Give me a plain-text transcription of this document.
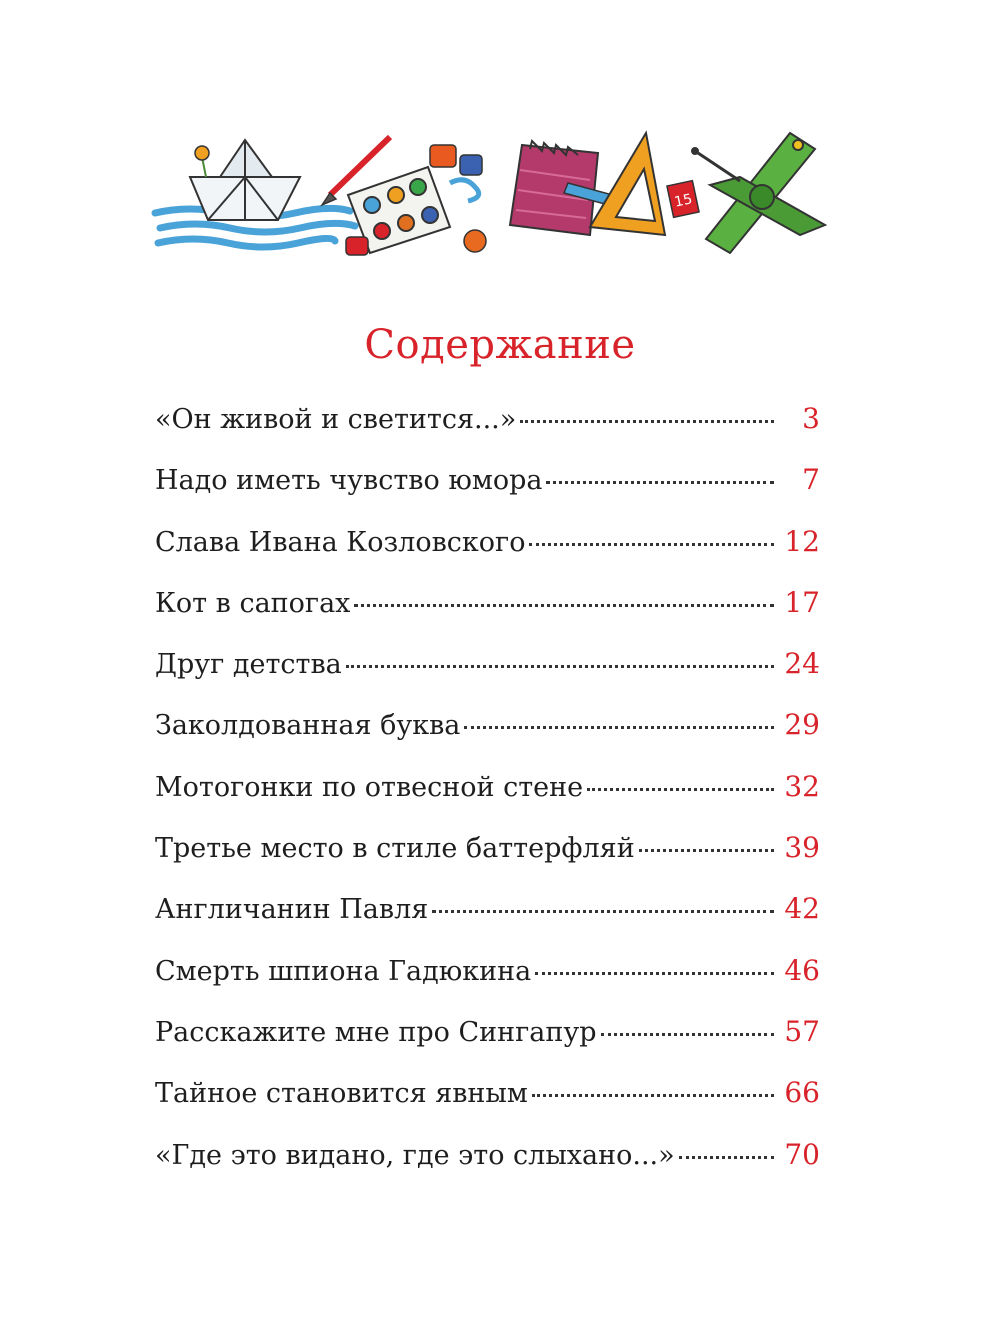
15
Содержание
«Он живой и светится...»	3
Надо иметь чувство юмора	7
Слава Ивана Козловского	12
Кот в сапогах	17
Друг детства	24
Заколдованная буква	29
Мотогонки по отвесной стене	32
Третье место в стиле баттерфляй	39
Англичанин Павля	42
Смерть шпиона Гадюкина	46
Расскажите мне про Сингапур	57
Тайное становится явным	66
«Где это видано, где это слыхано...»	70
